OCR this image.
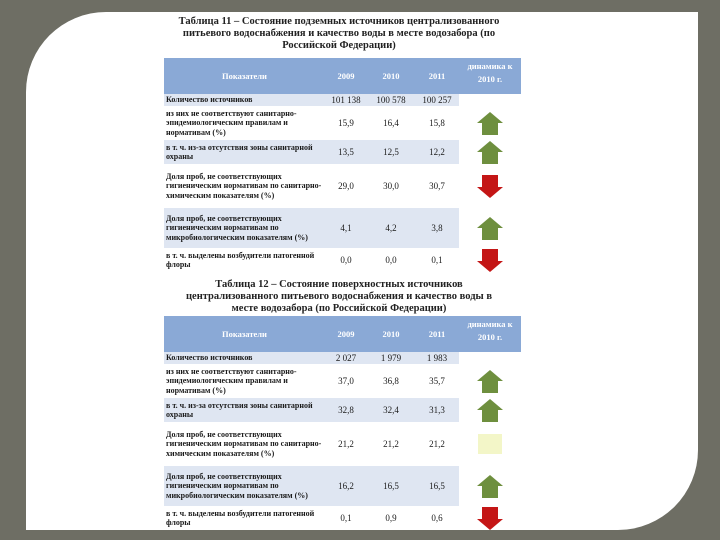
Таблица 11 – Состояние подземных источников централизованного
питьевого водоснабжения и качество воды в месте водозабора (по
Российской Федерации)
Показатели	2009	2010	2011	динамика к 2010 г.
Количество источников	101 138	100 578	100 257	
из них не соответствуют санитарно-эпидемиологическим правилам и нормативам (%)	15,9	16,4	15,8	

в т. ч. из-за отсутствия зоны санитарной охраны	13,5	12,5	12,2	

Доля проб, не соответствующих гигиеническим нормативам по санитарно-химическим показателям (%)	29,0	30,0	30,7	

Доля проб, не соответствующих гигиеническим нормативам по микробиологическим показателям (%)	4,1	4,2	3,8	

в т. ч. выделены возбудители патогенной флоры	0,0	0,0	0,1	
Таблица 12 – Состояние поверхностных источников
централизованного питьевого водоснабжения и качество воды в
месте водозабора (по Российской Федерации)
Показатели	2009	2010	2011	динамика к 2010 г.
Количество источников	2 027	1 979	1 983	
из них не соответствуют санитарно-эпидемиологическим правилам и нормативам (%)	37,0	36,8	35,7	

в т. ч. из-за отсутствия зоны санитарной охраны	32,8	32,4	31,3	

Доля проб, не соответствующих гигиеническим нормативам по санитарно-химическим показателям (%)	21,2	21,2	21,2	

Доля проб, не соответствующих гигиеническим нормативам по микробиологическим показателям (%)	16,2	16,5	16,5	

в т. ч. выделены возбудители патогенной флоры	0,1	0,9	0,6	
